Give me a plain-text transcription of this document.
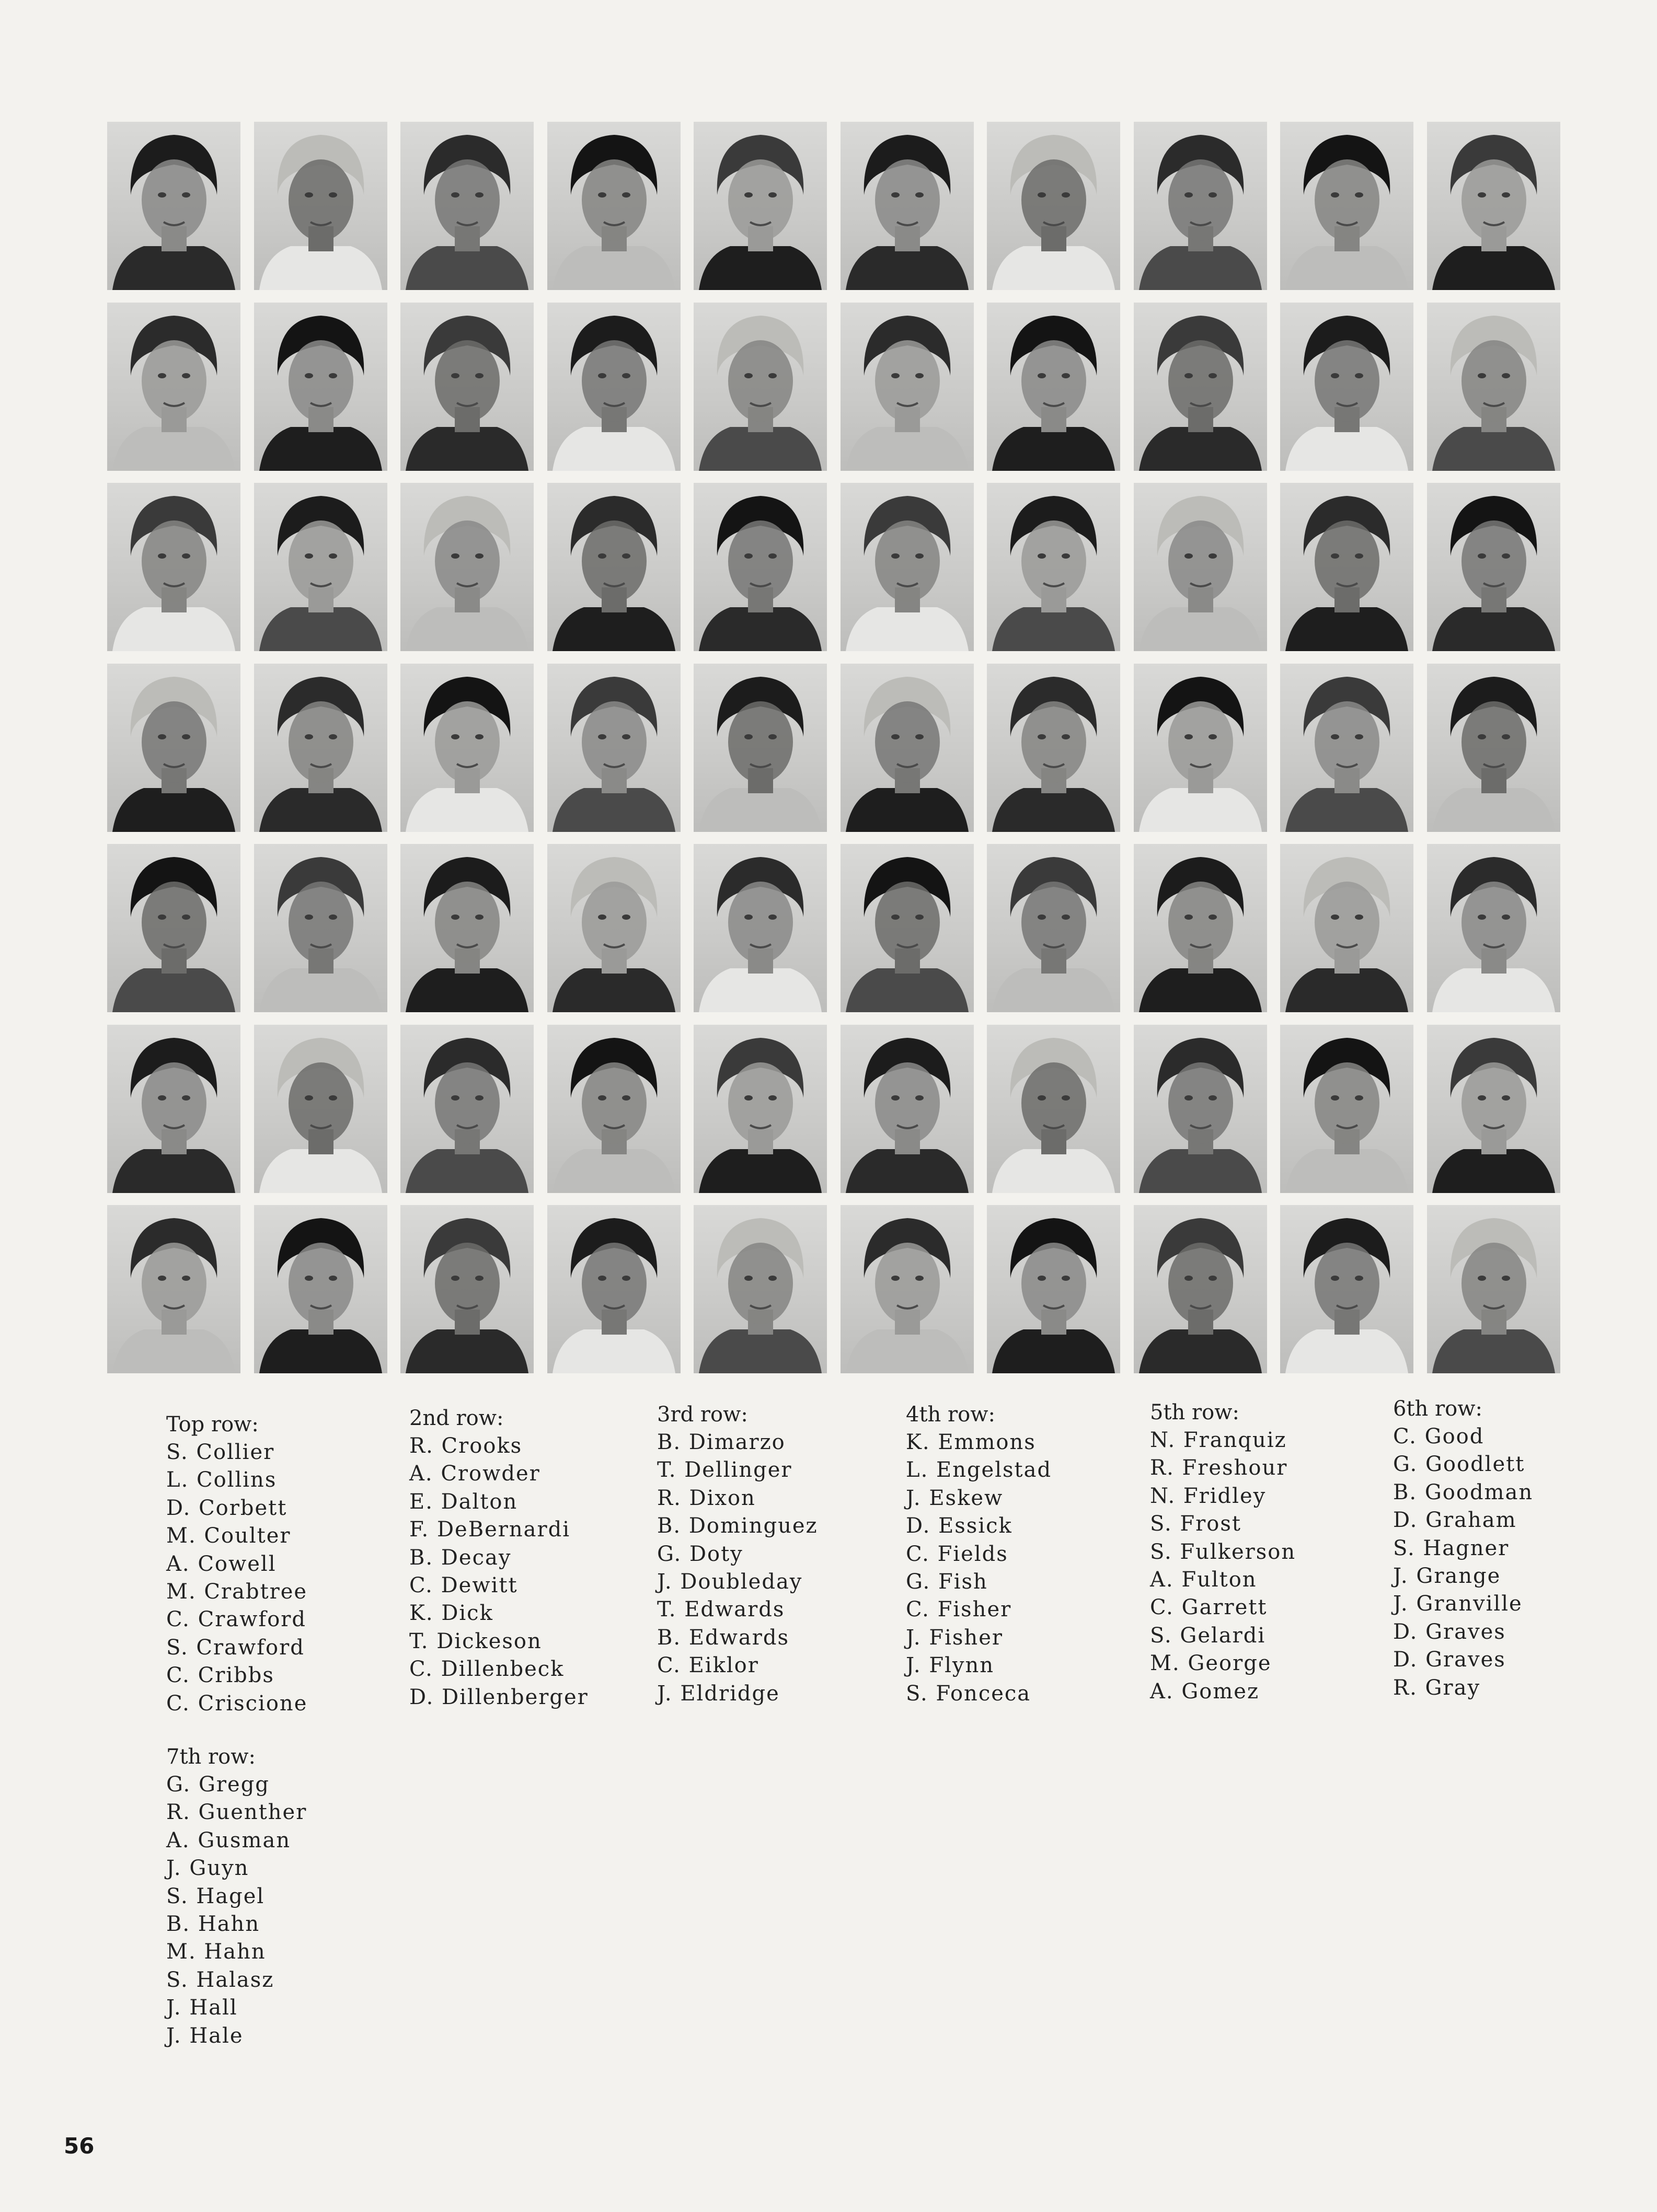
Top row:
S. Collier
L. Collins
D. Corbett
M. Coulter
A. Cowell
M. Crabtree
C. Crawford
S. Crawford
C. Cribbs
C. Criscione
2nd row:
R. Crooks
A. Crowder
E. Dalton
F. DeBernardi
B. Decay
C. Dewitt
K. Dick
T. Dickeson
C. Dillenbeck
D. Dillenberger
3rd row:
B. Dimarzo
T. Dellinger
R. Dixon
B. Dominguez
G. Doty
J. Doubleday
T. Edwards
B. Edwards
C. Eiklor
J. Eldridge
4th row:
K. Emmons
L. Engelstad
J. Eskew
D. Essick
C. Fields
G. Fish
C. Fisher
J. Fisher
J. Flynn
S. Fonceca
5th row:
N. Franquiz
R. Freshour
N. Fridley
S. Frost
S. Fulkerson
A. Fulton
C. Garrett
S. Gelardi
M. George
A. Gomez
6th row:
C. Good
G. Goodlett
B. Goodman
D. Graham
S. Hagner
J. Grange
J. Granville
D. Graves
D. Graves
R. Gray
7th row:
G. Gregg
R. Guenther
A. Gusman
J. Guyn
S. Hagel
B. Hahn
M. Hahn
S. Halasz
J. Hall
J. Hale
56
